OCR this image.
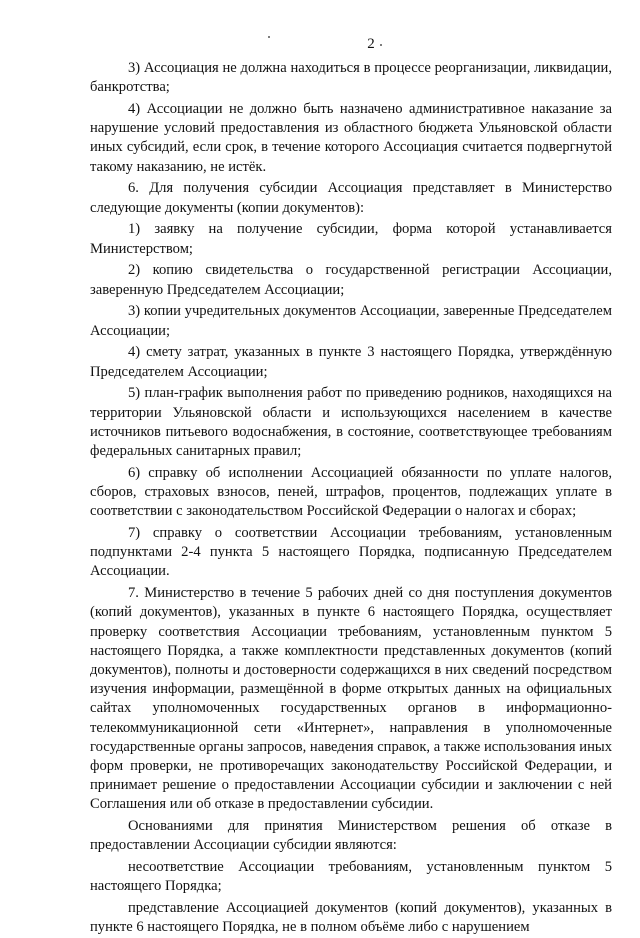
2

3) Ассоциация не должна находиться в процессе реорганизации, ликвидации, банкротства;

4) Ассоциации не должно быть назначено административное наказание за нарушение условий предоставления из областного бюджета Ульяновской области иных субсидий, если срок, в течение которого Ассоциация считается подвергнутой такому наказанию, не истёк.

6. Для получения субсидии Ассоциация представляет в Министерство следующие документы (копии документов):

1) заявку на получение субсидии, форма которой устанавливается Министерством;

2) копию свидетельства о государственной регистрации Ассоциации, заверенную Председателем Ассоциации;

3) копии учредительных документов Ассоциации, заверенные Председателем Ассоциации;

4) смету затрат, указанных в пункте 3 настоящего Порядка, утверждённую Председателем Ассоциации;

5) план-график выполнения работ по приведению родников, находящихся на территории Ульяновской области и использующихся населением в качестве источников питьевого водоснабжения, в состояние, соответствующее требованиям федеральных санитарных правил;

6) справку об исполнении Ассоциацией обязанности по уплате налогов, сборов, страховых взносов, пеней, штрафов, процентов, подлежащих уплате в соответствии с законодательством Российской Федерации о налогах и сборах;

7) справку о соответствии Ассоциации требованиям, установленным подпунктами 2-4 пункта 5 настоящего Порядка, подписанную Председателем Ассоциации.

7. Министерство в течение 5 рабочих дней со дня поступления документов (копий документов), указанных в пункте 6 настоящего Порядка, осуществляет проверку соответствия Ассоциации требованиям, установленным пунктом 5 настоящего Порядка, а также комплектности представленных документов (копий документов), полноты и достоверности содержащихся в них сведений посредством изучения информации, размещённой в форме открытых данных на официальных сайтах уполномоченных государственных органов в информационно-телекоммуникационной сети «Интернет», направления в уполномоченные государственные органы запросов, наведения справок, а также использования иных форм проверки, не противоречащих законодательству Российской Федерации, и принимает решение о предоставлении Ассоциации субсидии и заключении с ней Соглашения или об отказе в предоставлении субсидии.

Основаниями для принятия Министерством решения об отказе в предоставлении Ассоциации субсидии являются:

несоответствие Ассоциации требованиям, установленным пунктом 5 настоящего Порядка;

представление Ассоциацией документов (копий документов), указанных в пункте 6 настоящего Порядка, не в полном объёме либо с нарушением
